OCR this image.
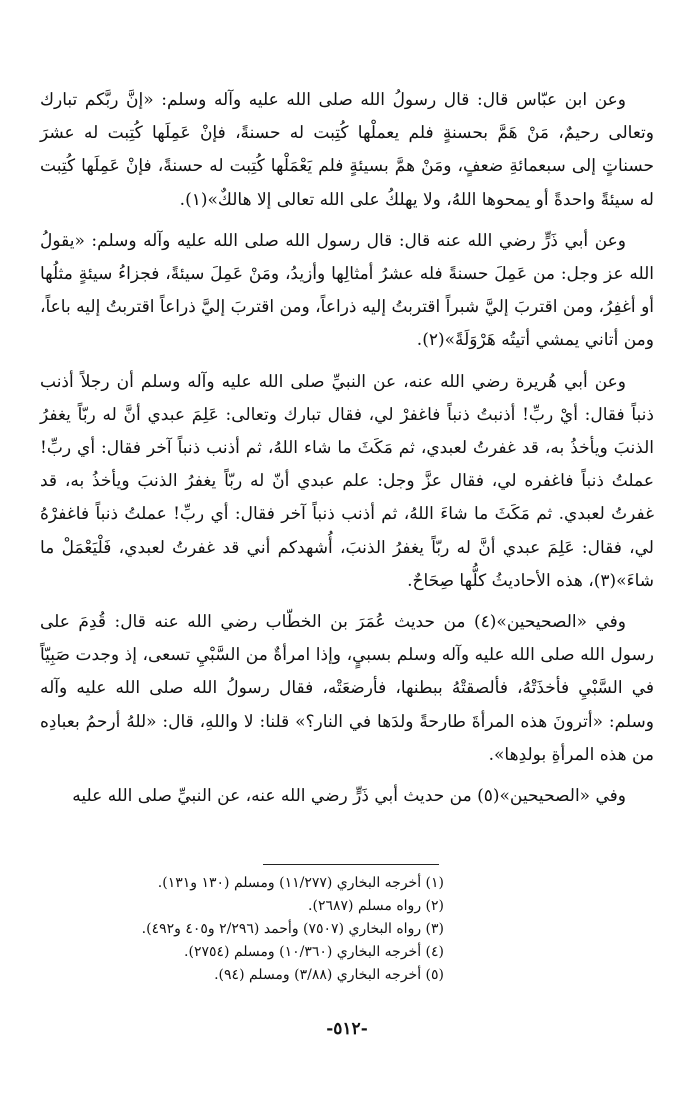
وعن ابن عبّاس قال: قال رسولُ الله صلى الله عليه وآله وسلم: «إنَّ ربَّكم تبارك وتعالى رحيمٌ، مَنْ هَمَّ بحسنةٍ فلم يعملْها كُتِبت له حسنةً، فإنْ عَمِلَها كُتِبت له عشرَ حسناتٍ إلى سبعمائةِ ضعفٍ، ومَنْ همَّ بسيئةٍ فلم يَعْمَلْها كُتِبت له حسنةً، فإنْ عَمِلَها كُتِبت له سيئةً واحدةً أو يمحوها اللهُ، ولا يهلكُ على الله تعالى إلا هالكٌ»(١).

وعن أبي ذَرٍّ رضي الله عنه قال: قال رسول الله صلى الله عليه وآله وسلم: «يقولُ الله عز وجل: من عَمِلَ حسنةً فله عشرُ أمثالِها وأزيدُ، ومَنْ عَمِلَ سيئةً، فجزاءُ سيئةٍ مثلُها أو أغفِرُ، ومن اقتربَ إليَّ شبراً اقتربتُ إليه ذراعاً، ومن اقتربَ إليَّ ذراعاً اقتربتُ إليه باعاً، ومن أتاني يمشي أتيتُه هَرْوَلَةً»(٢).

وعن أبي هُريرة رضي الله عنه، عن النبيِّ صلى الله عليه وآله وسلم أن رجلاً أذنب ذنباً فقال: أيْ ربِّ! أذنبتُ ذنباً فاغفرْ لي، فقال تبارك وتعالى: عَلِمَ عبدي أنَّ له ربّاً يغفرُ الذنبَ ويأخذُ به، قد غفرتُ لعبدي، ثم مَكَثَ ما شاء اللهُ، ثم أذنب ذنباً آخر فقال: أي ربِّ! عملتُ ذنباً فاغفره لي، فقال عزَّ وجل: علم عبدي أنّ له ربّاً يغفرُ الذنبَ ويأخذُ به، قد غفرتُ لعبدي. ثم مَكَثَ ما شاءَ اللهُ، ثم أذنب ذنباً آخر فقال: أي ربِّ! عملتُ ذنباً فاغفرْهُ لي، فقال: عَلِمَ عبدي أنَّ له ربّاً يغفرُ الذنبَ، أُشهدكم أني قد غفرتُ لعبدي، فَلْيَعْمَلْ ما شاءَ»(٣)، هذه الأحاديثُ كلُّها صِحَاحٌ.

وفي «الصحيحين»(٤) من حديث عُمَرَ بن الخطّاب رضي الله عنه قال: قُدِمَ على رسول الله صلى الله عليه وآله وسلم بسبيٍ، وإذا امرأةٌ من السَّبْيِ تسعى، إذ وجدت صَبِيّاً في السَّبْيِ فأخذَتْهُ، فألصقتْهُ ببطنها، فأرضعَتْه، فقال رسولُ الله صلى الله عليه وآله وسلم: «أترونَ هذه المرأةَ طارحةً ولدَها في النار؟» قلنا: لا واللهِ، قال: «للهُ أرحمُ بعبادِه من هذه المرأةِ بولدِها».

وفي «الصحيحين»(٥) من حديث أبي ذَرٍّ رضي الله عنه، عن النبيِّ صلى الله عليه

(١) أخرجه البخاري (١١/٢٧٧) ومسلم (١٣٠ و١٣١).
(٢) رواه مسلم (٢٦٨٧).
(٣) رواه البخاري (٧٥٠٧) وأحمد (٢/٢٩٦ و٤٠٥ و٤٩٢).
(٤) أخرجه البخاري (١٠/٣٦٠) ومسلم (٢٧٥٤).
(٥) أخرجه البخاري (٣/٨٨) ومسلم (٩٤).
-٥١٢-
